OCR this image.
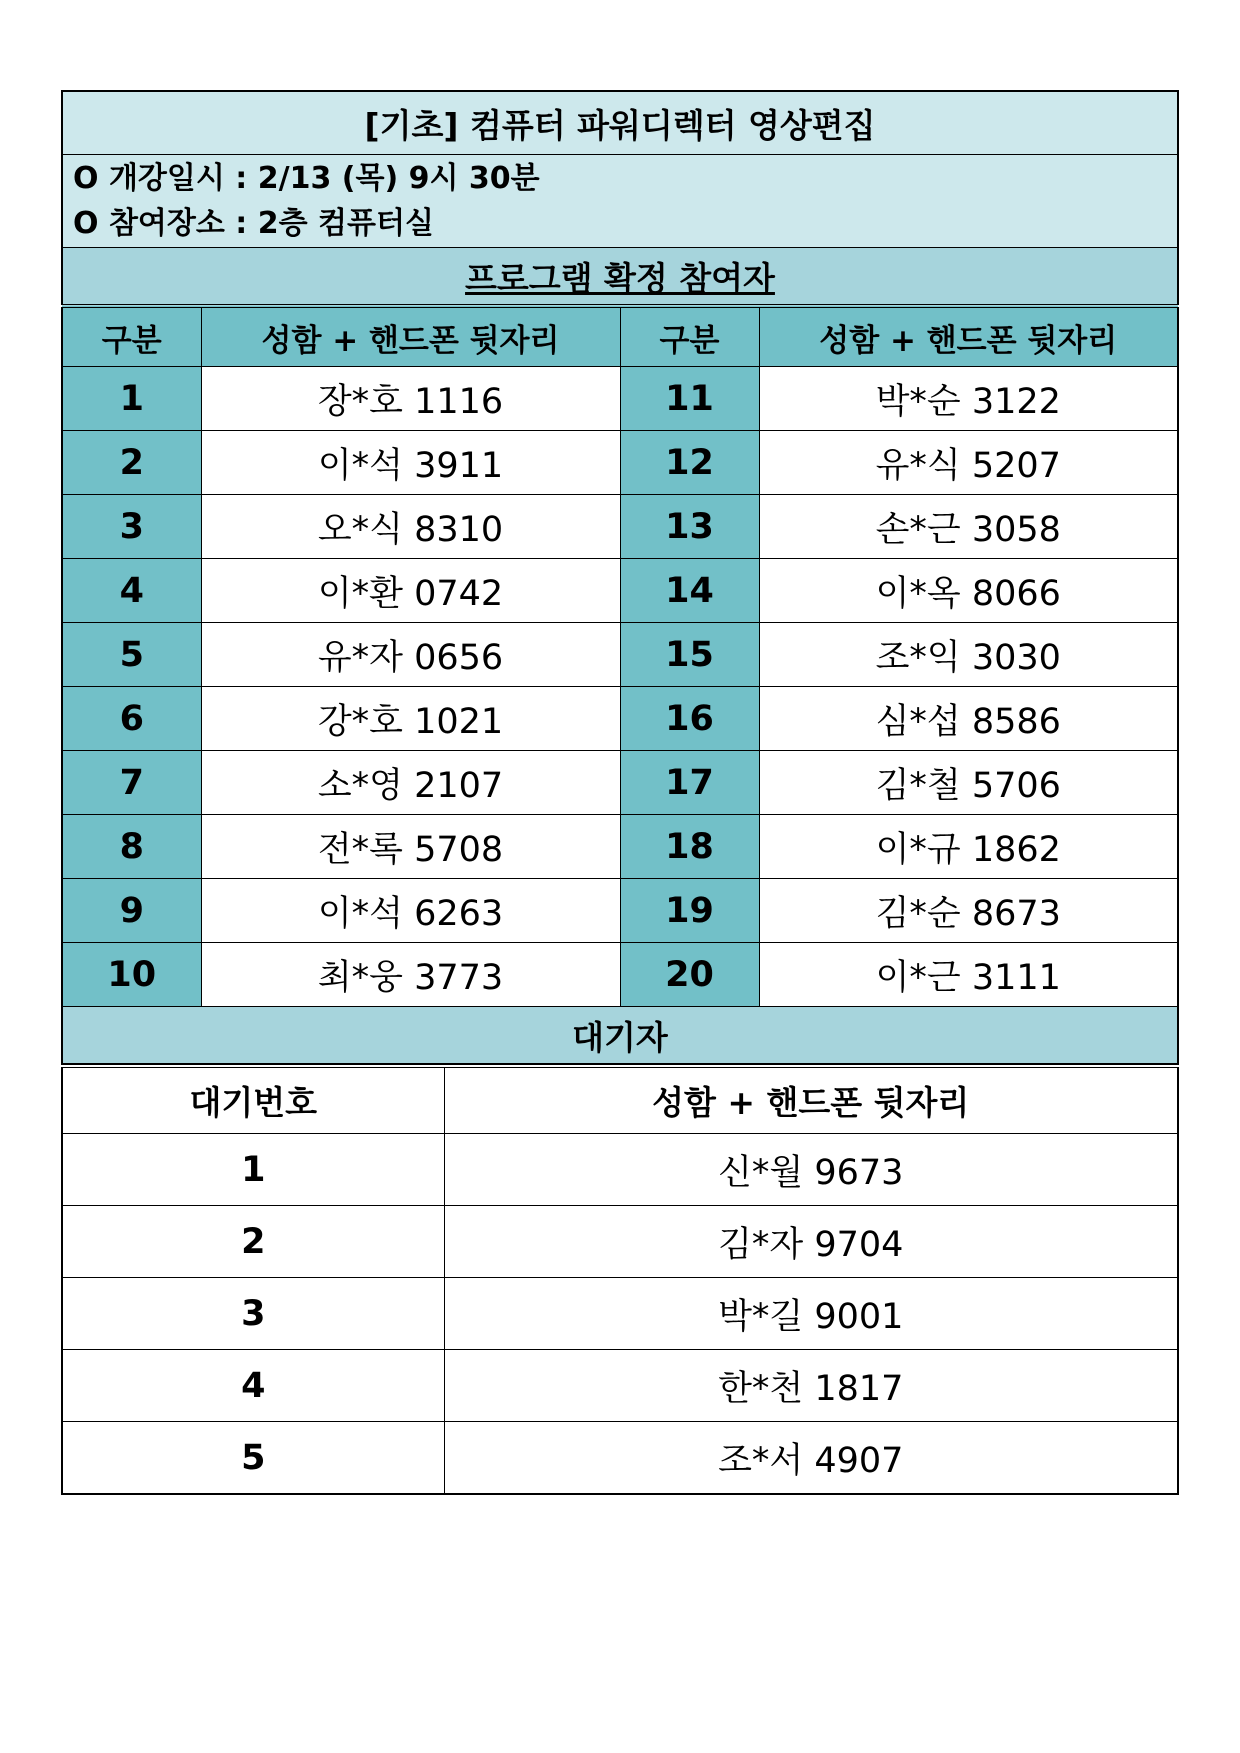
[기초] 컴퓨터 파워디렉터 영상편집			

O 개강일시 : 2/13 (목) 9시 30분
O 참여장소 : 2층 컴퓨터실			

프로그램 확정 참여자			
구분	성함 + 핸드폰 뒷자리	구분	성함 + 핸드폰 뒷자리
1	장*호 1116	11	박*순 3122
2	이*석 3911	12	유*식 5207
3	오*식 8310	13	손*근 3058
4	이*환 0742	14	이*옥 8066
5	유*자 0656	15	조*익 3030
6	강*호 1021	16	심*섭 8586
7	소*영 2107	17	김*철 5706
8	전*록 5708	18	이*규 1862
9	이*석 6263	19	김*순 8673
10	최*웅 3773	20	이*근 3111
대기자			
대기번호	성함 + 핸드폰 뒷자리
1	신*월 9673
2	김*자 9704
3	박*길 9001
4	한*천 1817
5	조*서 4907
